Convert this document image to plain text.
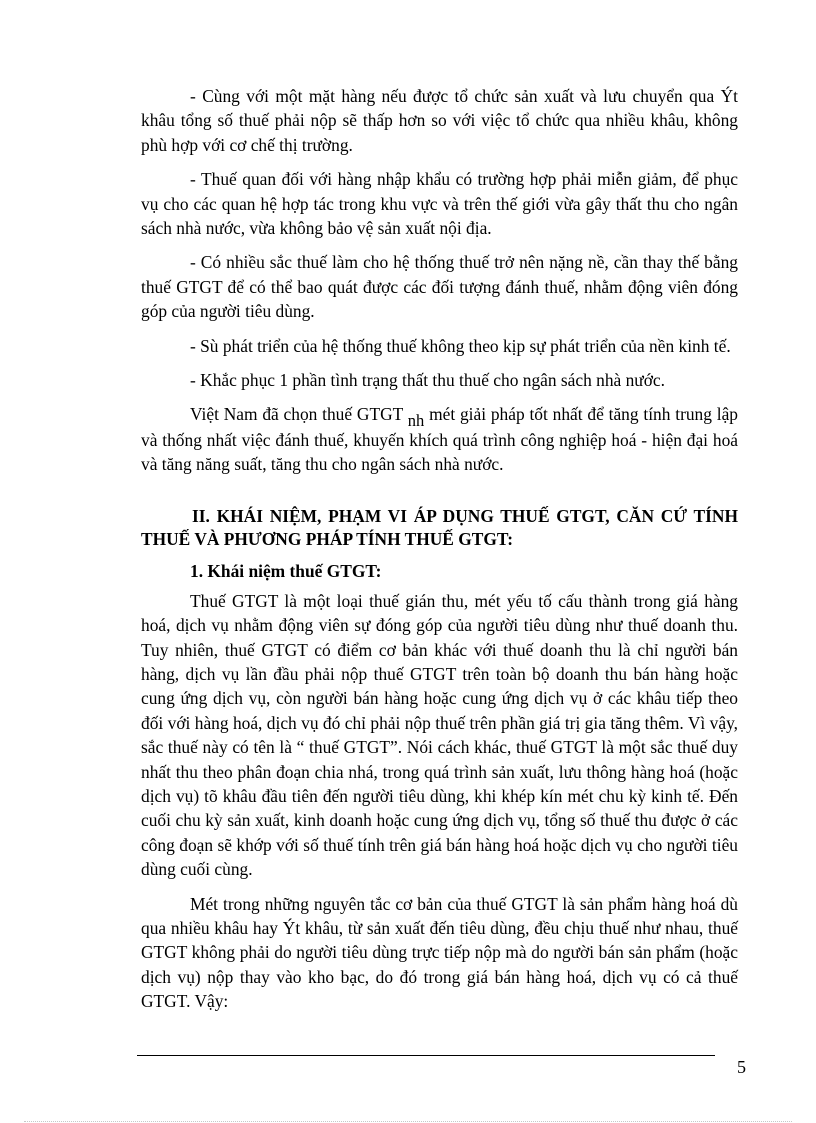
- Cùng với một mặt hàng nếu được tổ chức sản xuất và lưu chuyển qua Ýt khâu tổng số thuế phải nộp sẽ thấp hơn so với việc tổ chức qua nhiều khâu, không phù hợp với cơ chế thị trường.

- Thuế quan đối với hàng nhập khẩu có trường hợp phải miễn giảm, để phục vụ cho các quan hệ hợp tác trong khu vực và trên thế giới vừa gây thất thu cho ngân sách nhà nước, vừa không bảo vệ sản xuất nội địa.

- Có nhiều sắc thuế làm cho hệ thống thuế trở nên nặng nề, cần thay thế bằng thuế GTGT để có thể bao quát được các đối tượng đánh thuế, nhằm động viên đóng góp của người tiêu dùng.

- Sù phát triển của hệ thống thuế không theo kịp sự phát triển của nền kinh tế.

- Khắc phục 1 phần tình trạng thất thu thuế cho ngân sách nhà nước.

Việt Nam đã chọn thuế GTGT nh mét giải pháp tốt nhất để tăng tính trung lập và thống nhất việc đánh thuế, khuyến khích quá trình công nghiệp hoá - hiện đại hoá và tăng năng suất, tăng thu cho ngân sách nhà nước.

II. KHÁI NIỆM, PHẠM VI ÁP DỤNG THUẾ GTGT, CĂN CỨ TÍNH THUẾ VÀ PHƯƠNG PHÁP TÍNH THUẾ GTGT:

1. Khái niệm thuế GTGT:

Thuế GTGT là một loại thuế gián thu, mét yếu tố cấu thành trong giá hàng hoá, dịch vụ nhằm động viên sự đóng góp của người tiêu dùng như thuế doanh thu. Tuy nhiên, thuế GTGT có điểm cơ bản khác với thuế doanh thu là chỉ người bán hàng, dịch vụ lần đầu phải nộp thuế GTGT trên toàn bộ doanh thu bán hàng hoặc cung ứng dịch vụ, còn người bán hàng hoặc cung ứng dịch vụ ở các khâu tiếp theo đối với hàng hoá, dịch vụ đó chỉ phải nộp thuế trên phần giá trị gia tăng thêm. Vì vậy, sắc thuế này có tên là “ thuế GTGT”. Nói cách khác, thuế GTGT là một sắc thuế duy nhất thu theo phân đoạn chia nhá, trong quá trình sản xuất, lưu thông hàng hoá (hoặc dịch vụ) tõ khâu đầu tiên đến người tiêu dùng, khi khép kín mét chu kỳ kinh tế. Đến cuối chu kỳ sản xuất, kinh doanh hoặc cung ứng dịch vụ, tổng số thuế thu được ở các công đoạn sẽ khớp với số thuế tính trên giá bán hàng hoá hoặc dịch vụ cho người tiêu dùng cuối cùng.

Mét trong những nguyên tắc cơ bản của thuế GTGT là sản phẩm hàng hoá dù qua nhiều khâu hay Ýt khâu, từ sản xuất đến tiêu dùng, đều chịu thuế như nhau, thuế GTGT không phải do người tiêu dùng trực tiếp nộp mà do người bán sản phẩm (hoặc dịch vụ) nộp thay vào kho bạc, do đó trong giá bán hàng hoá, dịch vụ có cả thuế GTGT. Vậy:

5
